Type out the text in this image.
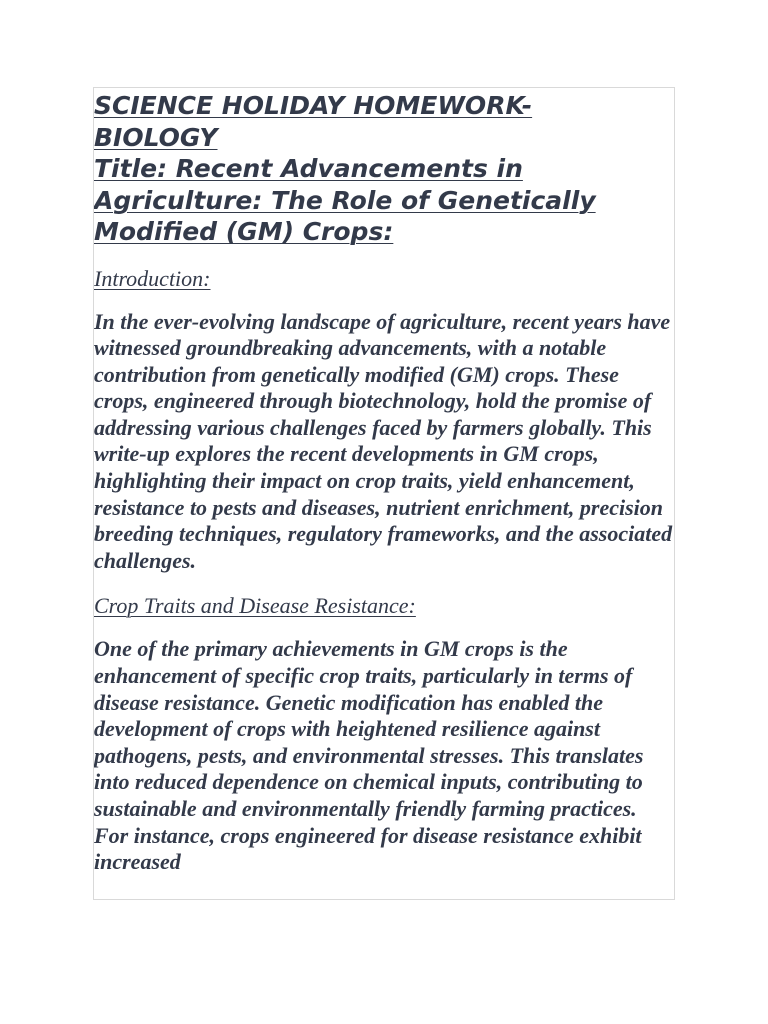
SCIENCE HOLIDAY HOMEWORK-
BIOLOGY
Title: Recent Advancements in
Agriculture: The Role of Genetically
Modified (GM) Crops:
Introduction:

In the ever-evolving landscape of agriculture, recent years have witnessed groundbreaking advancements, with a notable contribution from genetically modified (GM) crops. These crops, engineered through biotechnology, hold the promise of addressing various challenges faced by farmers globally. This write-up explores the recent developments in GM crops, highlighting their impact on crop traits, yield enhancement, resistance to pests and diseases, nutrient enrichment, precision breeding techniques, regulatory frameworks, and the associated challenges.

Crop Traits and Disease Resistance:

One of the primary achievements in GM crops is the enhancement of specific crop traits, particularly in terms of disease resistance. Genetic modification has enabled the development of crops with heightened resilience against pathogens, pests, and environmental stresses. This translates into reduced dependence on chemical inputs, contributing to sustainable and environmentally friendly farming practices. For instance, crops engineered for disease resistance exhibit increased
